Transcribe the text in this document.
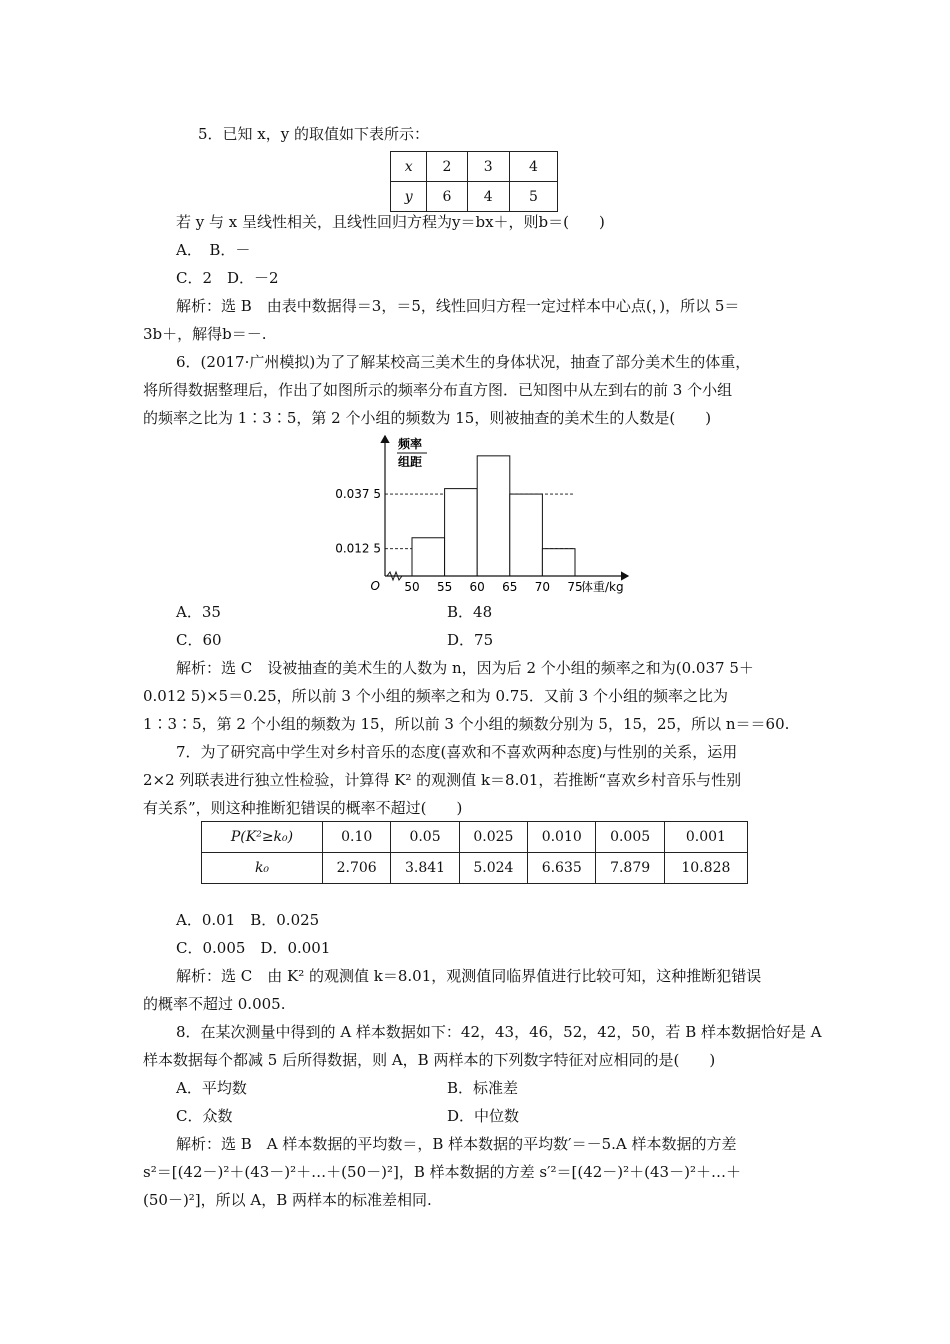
5．已知 x，y 的取值如下表所示：
x	2	3	4
y	6	4	5
若 y 与 x 呈线性相关，且线性回归方程为y＝bx＋，则b＝(　　)
A．　B．－
C．2　D．－2
解析：选 B　由表中数据得＝3，＝5，线性回归方程一定过样本中心点(，)，所以 5＝
3b＋，解得b＝－.
6．(2017·广州模拟)为了了解某校高三美术生的身体状况，抽查了部分美术生的体重，
将所得数据整理后，作出了如图所示的频率分布直方图．已知图中从左到右的前 3 个小组
的频率之比为 1∶3∶5，第 2 个小组的频数为 15，则被抽查的美术生的人数是(　　)
频率
组距
O
0.037 5
0.012 5
50 55 60 65 70 75
体重/kg
A．35	B．48
C．60	D．75
解析：选 C　设被抽查的美术生的人数为 n，因为后 2 个小组的频率之和为(0.037 5＋
0.012 5)×5＝0.25，所以前 3 个小组的频率之和为 0.75．又前 3 个小组的频率之比为
1∶3∶5，第 2 个小组的频数为 15，所以前 3 个小组的频数分别为 5，15，25，所以 n＝＝60.
7．为了研究高中学生对乡村音乐的态度(喜欢和不喜欢两种态度)与性别的关系，运用
2×2 列联表进行独立性检验，计算得 K² 的观测值 k＝8.01，若推断“喜欢乡村音乐与性别
有关系”，则这种推断犯错误的概率不超过(　　)
P(K²≥k₀)	0.10	0.05	0.025	0.010	0.005	0.001
k₀	2.706	3.841	5.024	6.635	7.879	10.828
A．0.01　B．0.025
C．0.005　D．0.001
解析：选 C　由 K² 的观测值 k＝8.01，观测值同临界值进行比较可知，这种推断犯错误
的概率不超过 0.005.
8．在某次测量中得到的 A 样本数据如下：42，43，46，52，42，50，若 B 样本数据恰好是 A
样本数据每个都减 5 后所得数据，则 A，B 两样本的下列数字特征对应相同的是(　　)
A．平均数	B．标准差
C．众数	D．中位数
解析：选 B　A 样本数据的平均数＝，B 样本数据的平均数′＝－5.A 样本数据的方差
s²＝[(42－)²＋(43－)²＋…＋(50－)²]，B 样本数据的方差 s′²＝[(42－)²＋(43－)²＋…＋
(50－)²]，所以 A，B 两样本的标准差相同.
